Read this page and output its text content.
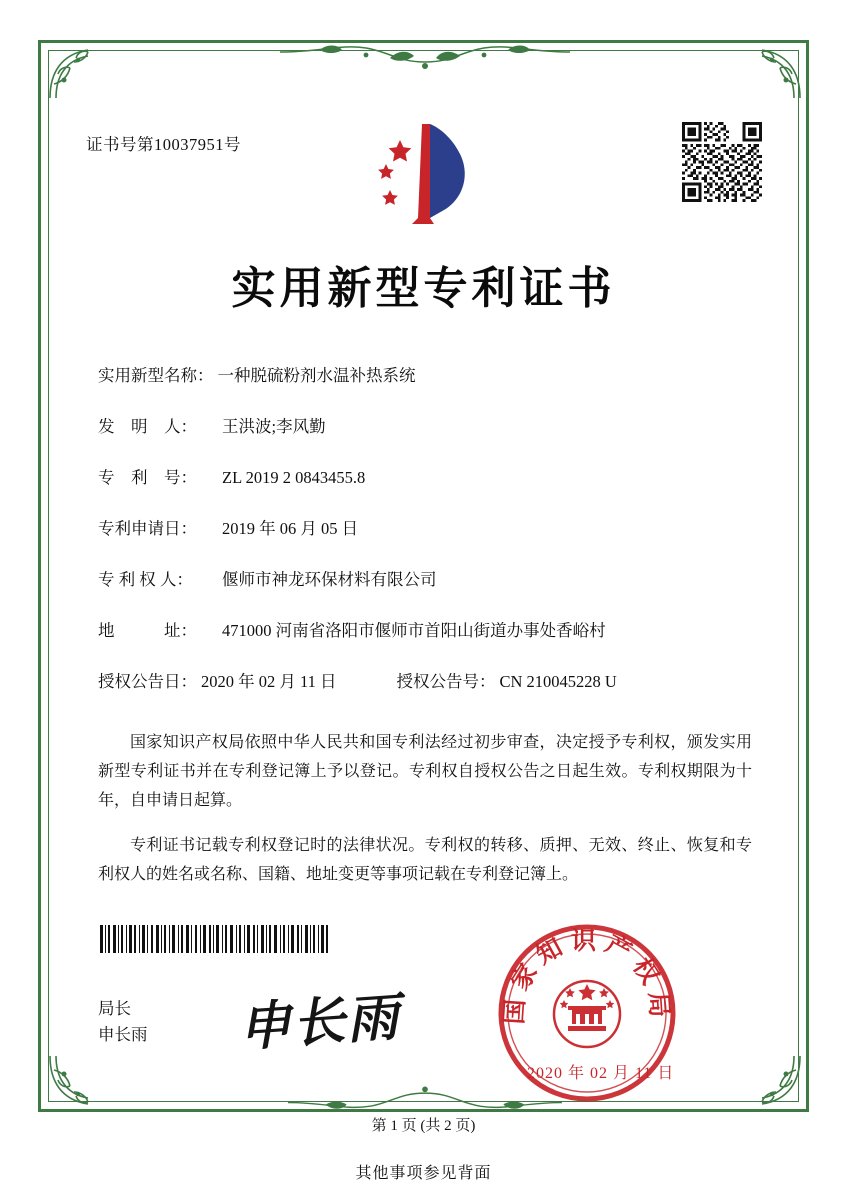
证书号第10037951号
实用新型专利证书
实用新型名称： 一种脱硫粉剂水温补热系统
发　明　人：	王洪波;李风勤
专　利　号：	ZL 2019 2 0843455.8
专利申请日：	2019 年 06 月 05 日
专 利 权 人：	偃师市神龙环保材料有限公司
地　　　址：	471000 河南省洛阳市偃师市首阳山街道办事处香峪村
授权公告日： 2020 年 02 月 11 日	授权公告号： CN 210045228 U

国家知识产权局依照中华人民共和国专利法经过初步审查，决定授予专利权，颁发实用新型专利证书并在专利登记簿上予以登记。专利权自授权公告之日起生效。专利权期限为十年，自申请日起算。

专利证书记载专利权登记时的法律状况。专利权的转移、质押、无效、终止、恢复和专利权人的姓名或名称、国籍、地址变更等事项记载在专利登记簿上。

局长
申长雨 申长雨	国家知识产权局
2020 年 02 月 11 日
第 1 页 (共 2 页)
其他事项参见背面
